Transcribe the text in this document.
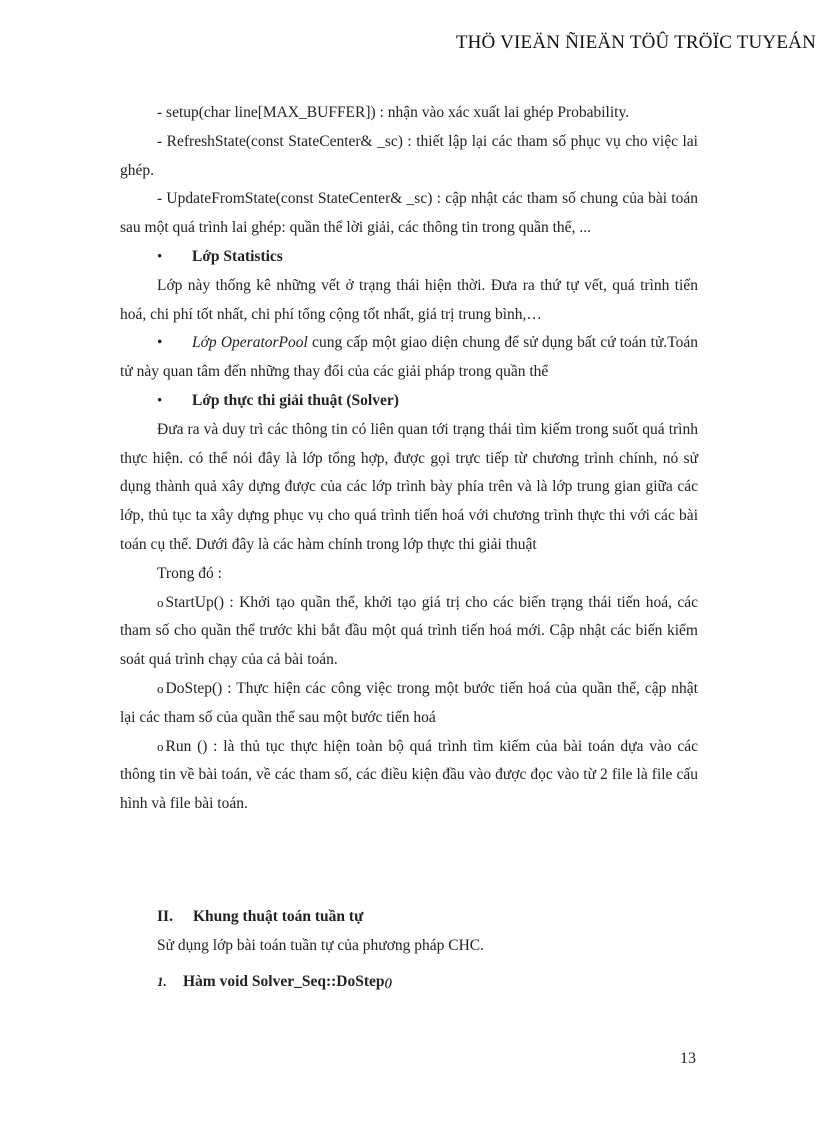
THÖ VIEÄN ÑIEÄN TÖÛ TRÖÏC TUYEÁN

- setup(char line[MAX_BUFFER]) : nhận vào xác xuất lai ghép Probability.

- RefreshState(const StateCenter& _sc) : thiết lập lại các tham số phục vụ cho việc lai ghép.

- UpdateFromState(const StateCenter& _sc) : cập nhật các tham số chung của bài toán sau một quá trình lai ghép: quần thể lời giải, các thông tin trong quần thể, ...

• Lớp Statistics

Lớp này thống kê những vết ở trạng thái hiện thời. Đưa ra thứ tự vết, quá trình tiến hoá, chi phí tốt nhất, chi phí tổng cộng tốt nhất, giá trị trung bình,…

• Lớp OperatorPool cung cấp một giao diện chung để sử dụng bất cứ toán tử.Toán tử này quan tâm đến những thay đổi của các giải pháp trong quần thể

• Lớp thực thi giải thuật (Solver)

Đưa ra và duy trì các thông tin có liên quan tới trạng thái tìm kiếm trong suốt quá trình thực hiện. có thể nói đây là lớp tổng hợp, được gọi trực tiếp từ chương trình chính, nó sử dụng thành quả xây dựng được của các lớp trình bày phía trên và là lớp trung gian giữa các lớp, thủ tục ta xây dựng phục vụ cho quá trình tiến hoá với chương trình thực thi với các bài toán cụ thể. Dưới đây là các hàm chính trong lớp thực thi giải thuật

Trong đó :

o StartUp() : Khởi tạo quần thể, khởi tạo giá trị cho các biến trạng thái tiến hoá, các tham số cho quần thể trước khi bắt đầu một quá trình tiến hoá mới. Cập nhật các biến kiểm soát quá trình chạy của cả bài toán.

o DoStep() : Thực hiện các công việc trong một bước tiến hoá của quần thể, cập nhật lại các tham số của quần thể sau một bước tiến hoá

o Run () : là thủ tục thực hiện toàn bộ quá trình tìm kiếm của bài toán dựa vào các thông tin về bài toán, về các tham số, các điều kiện đầu vào được đọc vào từ 2 file là file cấu hình và file bài toán.

II. Khung thuật toán tuần tự

Sử dụng lớp bài toán tuần tự của phương pháp CHC.

1. Hàm void Solver_Seq::DoStep()

13
